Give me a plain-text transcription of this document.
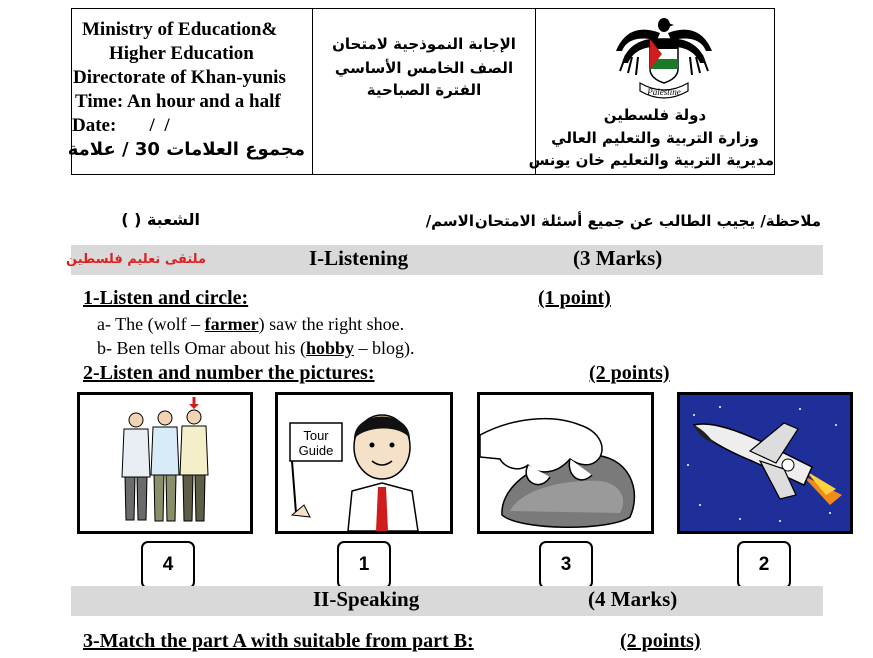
Ministry of Education&
Higher Education
Directorate of Khan-yunis
Time: An hour and a half
Date:       /  /
مجموع العلامات 30 / علامة
الإجابة النموذجية لامتحان
الصف الخامس الأساسي
الفترة الصباحية	Palestine
دولة فلسطين
وزارة التربية والتعليم العالي
مديرية التربية والتعليم خان يونس
ملاحظة/ يجيب الطالب عن جميع أسئلة الامتحان
الاسم/
الشعبة ( )
ملتقى تعليم فلسطين	I-Listening	(3 Marks)
1-Listen and circle:	(1 point)
a- The (wolf – farmer) saw the right shoe.
b- Ben tells Omar about his (hobby – blog).
2-Listen and number the pictures:	(2 points)
Tour
Guide
4	1	3	2
II-Speaking	(4 Marks)
3-Match the part A with suitable from part B:	(2 points)
